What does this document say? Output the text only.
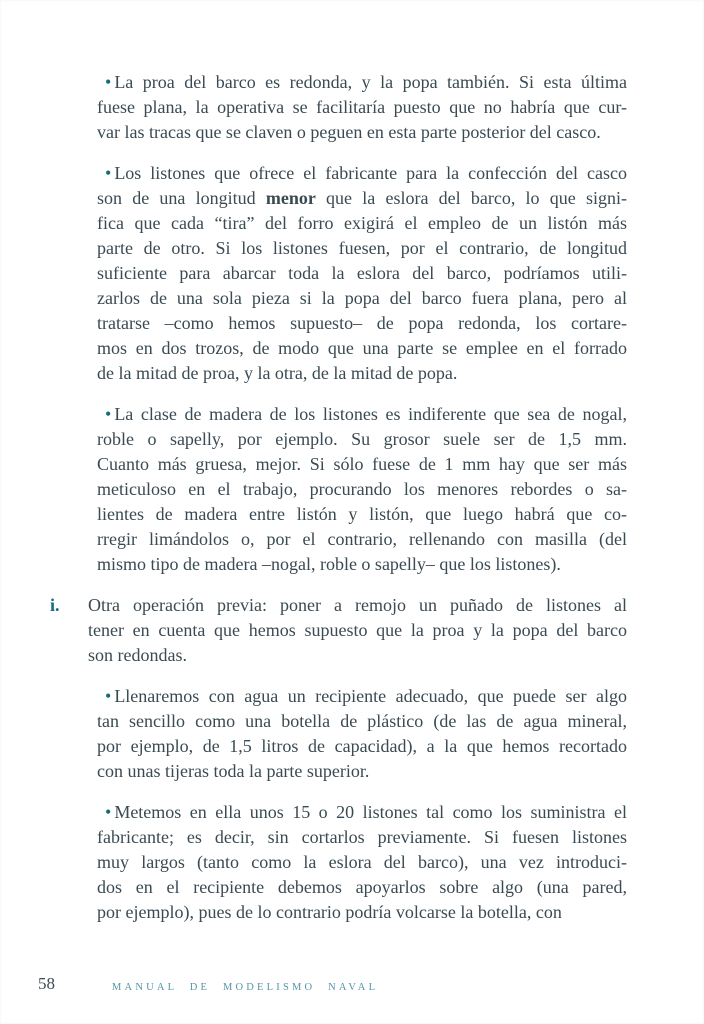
• La proa del barco es redonda, y la popa también. Si esta última
fuese plana, la operativa se facilitaría puesto que no habría que cur-
var las tracas que se claven o peguen en esta parte posterior del casco.
• Los listones que ofrece el fabricante para la confección del casco
son de una longitud menor que la eslora del barco, lo que signi-
fica que cada “tira” del forro exigirá el empleo de un listón más
parte de otro. Si los listones fuesen, por el contrario, de longitud
suficiente para abarcar toda la eslora del barco, podríamos utili-
zarlos de una sola pieza si la popa del barco fuera plana, pero al
tratarse –como hemos supuesto– de popa redonda, los cortare-
mos en dos trozos, de modo que una parte se emplee en el forrado
de la mitad de proa, y la otra, de la mitad de popa.
• La clase de madera de los listones es indiferente que sea de nogal,
roble o sapelly, por ejemplo. Su grosor suele ser de 1,5 mm.
Cuanto más gruesa, mejor. Si sólo fuese de 1 mm hay que ser más
meticuloso en el trabajo, procurando los menores rebordes o sa-
lientes de madera entre listón y listón, que luego habrá que co-
rregir limándolos o, por el contrario, rellenando con masilla (del
mismo tipo de madera –nogal, roble o sapelly– que los listones).
i. Otra operación previa: poner a remojo un puñado de listones al
tener en cuenta que hemos supuesto que la proa y la popa del barco
son redondas.
• Llenaremos con agua un recipiente adecuado, que puede ser algo
tan sencillo como una botella de plástico (de las de agua mineral,
por ejemplo, de 1,5 litros de capacidad), a la que hemos recortado
con unas tijeras toda la parte superior.
• Metemos en ella unos 15 o 20 listones tal como los suministra el
fabricante; es decir, sin cortarlos previamente. Si fuesen listones
muy largos (tanto como la eslora del barco), una vez introduci-
dos en el recipiente debemos apoyarlos sobre algo (una pared,
por ejemplo), pues de lo contrario podría volcarse la botella, con
58	MANUAL DE MODELISMO NAVAL
